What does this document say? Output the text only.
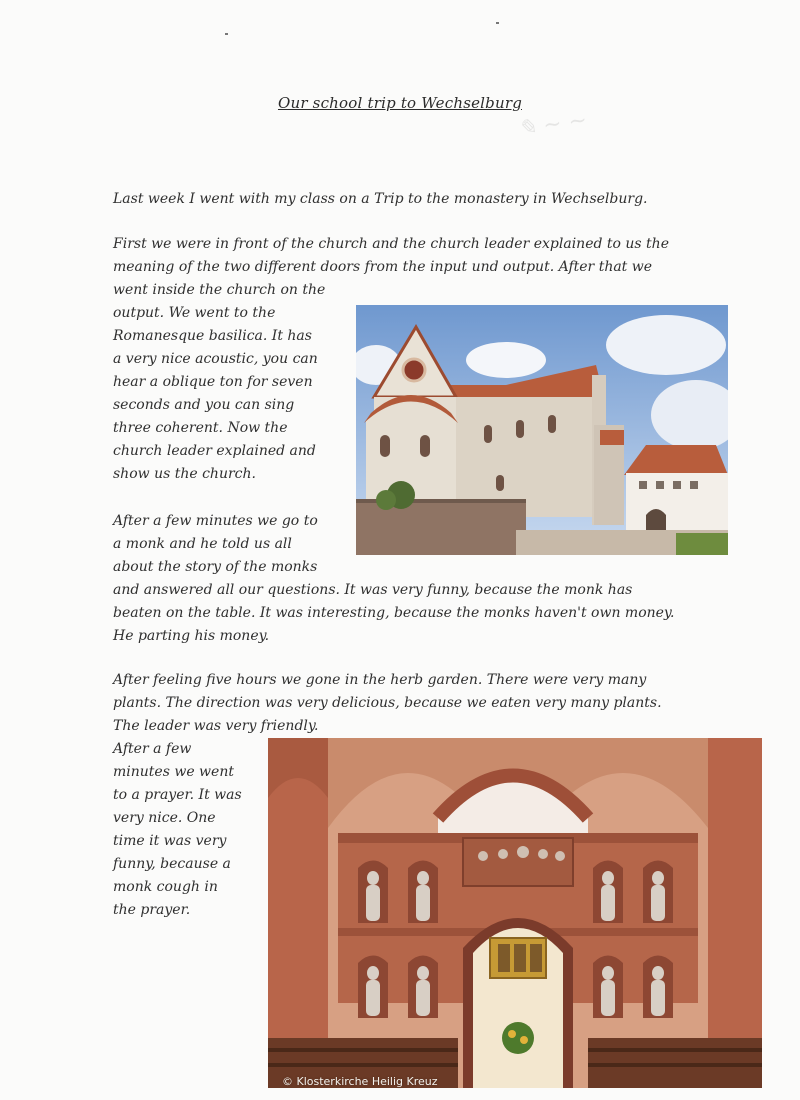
✎ ~ ~
Our school trip to Wechselburg

Last week I went with my class on a Trip to the monastery in Wechselburg.

First we were in front of the church and the church leader explained to us the
meaning of the two different doors from the input und output. After that we

went inside the church on the
output. We went to the
Romanesque basilica. It has
a very nice acoustic, you can
hear a oblique ton for seven
seconds and you can sing
three coherent. Now the
church leader explained and
show us the church.

After a few minutes we go to
a monk and he told us all
about the story of the monks

and answered all our questions. It was very funny, because the monk has
beaten on the table. It was interesting, because the monks haven't own money.
He parting his money.

After feeling five hours we gone in the herb garden. There were very many
plants. The direction was very delicious, because we eaten very many plants.
The leader was very friendly.

After a few
minutes we went
to a prayer. It was
very nice. One
time it was very
funny, because a
monk cough in
the prayer.

© Klosterkirche Heilig Kreuz
